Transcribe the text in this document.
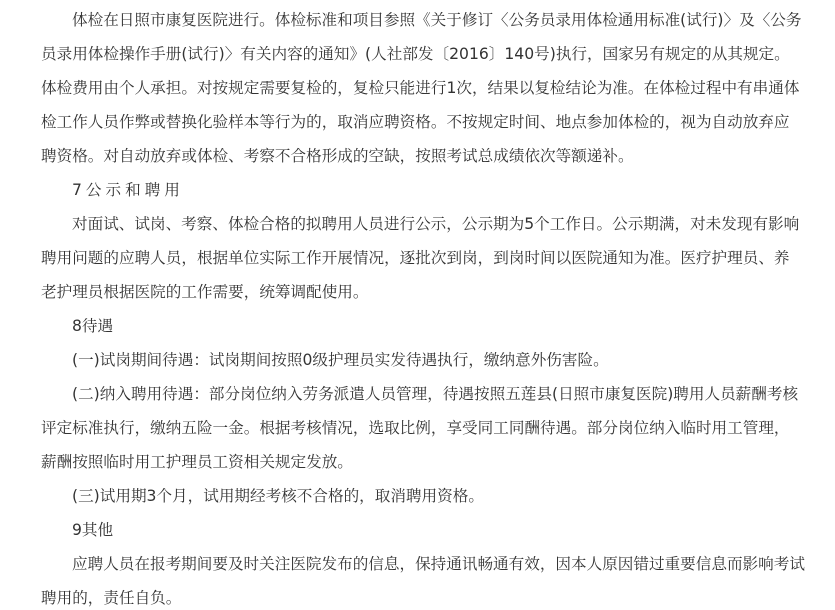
体检在日照市康复医院进行。体检标准和项目参照《关于修订〈公务员录用体检通用标准(试行)〉及〈公务员录用体检操作手册(试行)〉有关内容的通知》(人社部发〔2016〕140号)执行，国家另有规定的从其规定。体检费用由个人承担。对按规定需要复检的，复检只能进行1次，结果以复检结论为准。在体检过程中有串通体检工作人员作弊或替换化验样本等行为的，取消应聘资格。不按规定时间、地点参加体检的，视为自动放弃应聘资格。对自动放弃或体检、考察不合格形成的空缺，按照考试总成绩依次等额递补。

7公示和聘用

对面试、试岗、考察、体检合格的拟聘用人员进行公示，公示期为5个工作日。公示期满，对未发现有影响聘用问题的应聘人员，根据单位实际工作开展情况，逐批次到岗，到岗时间以医院通知为准。医疗护理员、养老护理员根据医院的工作需要，统筹调配使用。

8待遇

(一)试岗期间待遇：试岗期间按照0级护理员实发待遇执行，缴纳意外伤害险。

(二)纳入聘用待遇：部分岗位纳入劳务派遣人员管理，待遇按照五莲县(日照市康复医院)聘用人员薪酬考核评定标准执行，缴纳五险一金。根据考核情况，选取比例，享受同工同酬待遇。部分岗位纳入临时用工管理，薪酬按照临时用工护理员工资相关规定发放。

(三)试用期3个月，试用期经考核不合格的，取消聘用资格。

9其他

应聘人员在报考期间要及时关注医院发布的信息，保持通讯畅通有效，因本人原因错过重要信息而影响考试聘用的，责任自负。
